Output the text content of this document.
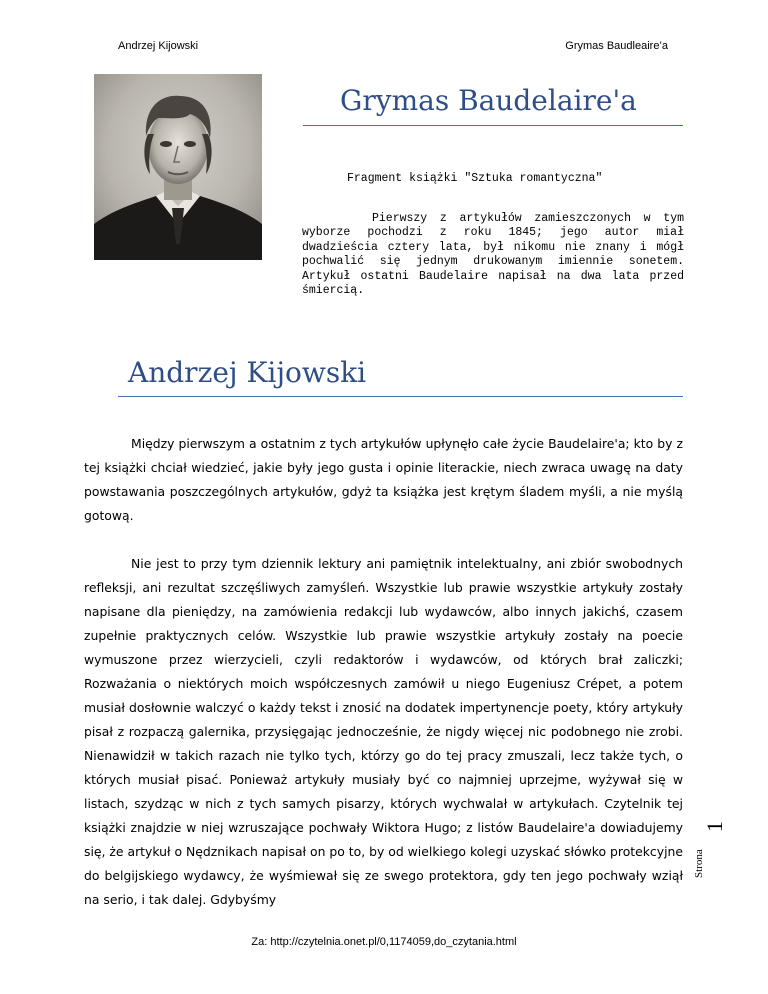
Andrzej Kijowski	Grymas Baudleaire’a
Grymas Baudelaire'a
Fragment książki "Sztuka romantyczna"

Pierwszy z artykułów zamieszczonych w tym wyborze pochodzi z roku 1845; jego autor miał dwadzieścia cztery lata, był nikomu nie znany i mógł pochwalić się jednym drukowanym imiennie sonetem. Artykuł ostatni Baudelaire napisał na dwa lata przed śmiercią.

Andrzej Kijowski

Między pierwszym a ostatnim z tych artykułów upłynęło całe życie Baudelaire'a; kto by z tej książki chciał wiedzieć, jakie były jego gusta i opinie literackie, niech zwraca uwagę na daty powstawania poszczególnych artykułów, gdyż ta książka jest krętym śladem myśli, a nie myślą gotową.

Nie jest to przy tym dziennik lektury ani pamiętnik intelektualny, ani zbiór swobodnych refleksji, ani rezultat szczęśliwych zamyśleń. Wszystkie lub prawie wszystkie artykuły zostały napisane dla pieniędzy, na zamówienia redakcji lub wydawców, albo innych jakichś, czasem zupełnie praktycznych celów. Wszystkie lub prawie wszystkie artykuły zostały na poecie wymuszone przez wierzycieli, czyli redaktorów i wydawców, od których brał zaliczki; Rozważania o niektórych moich współczesnych zamówił u niego Eugeniusz Crépet, a potem musiał dosłownie walczyć o każdy tekst i znosić na dodatek impertynencje poety, który artykuły pisał z rozpaczą galernika, przysięgając jednocześnie, że nigdy więcej nic podobnego nie zrobi. Nienawidził w takich razach nie tylko tych, którzy go do tej pracy zmuszali, lecz także tych, o których musiał pisać. Ponieważ artykuły musiały być co najmniej uprzejme, wyżywał się w listach, szydząc w nich z tych samych pisarzy, których wychwalał w artykułach. Czytelnik tej książki znajdzie w niej wzruszające pochwały Wiktora Hugo; z listów Baudelaire'a dowiadujemy się, że artykuł o Nędznikach napisał on po to, by od wielkiego kolegi uzyskać słówko protekcyjne do belgijskiego wydawcy, że wyśmiewał się ze swego protektora, gdy ten jego pochwały wziął na serio, i tak dalej. Gdybyśmy

Strona
1
Za: http://czytelnia.onet.pl/0,1174059,do_czytania.html
